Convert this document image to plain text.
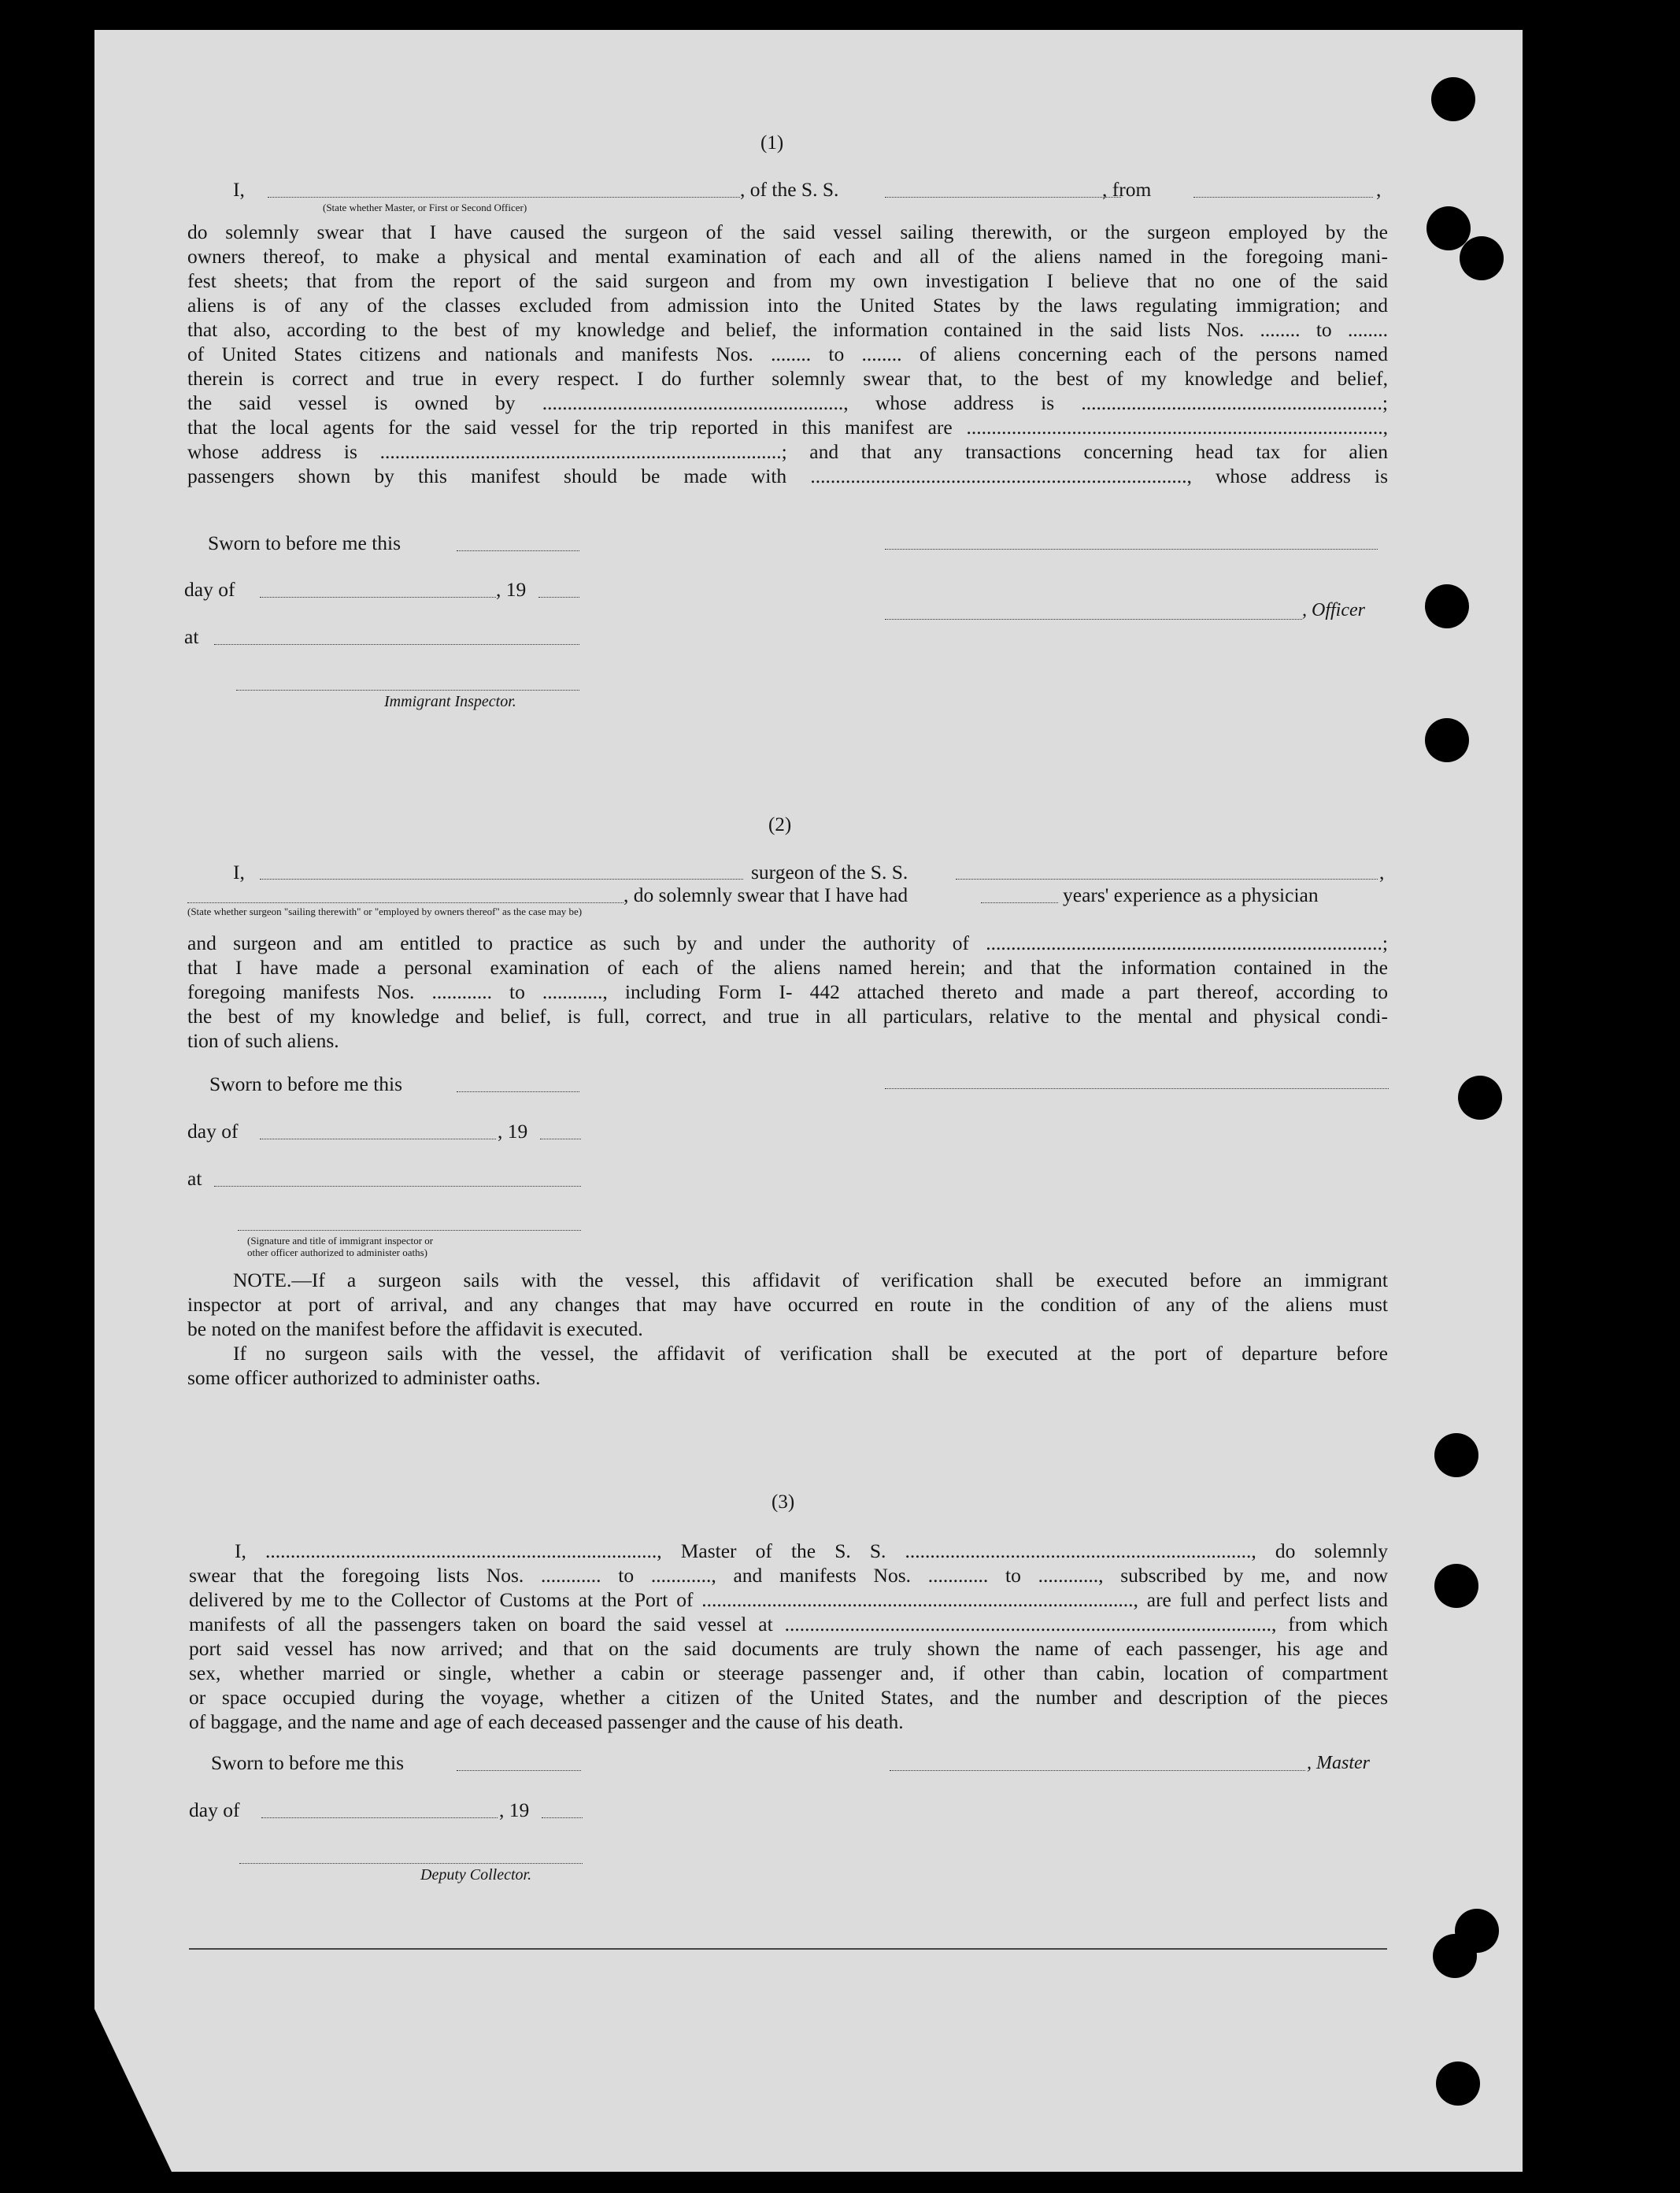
(1)
I,	, of the S. S.	, from	,
(State whether Master, or First or Second Officer)

do solemnly swear that I have caused the surgeon of the said vessel sailing therewith, or the surgeon employed by the

owners thereof, to make a physical and mental examination of each and all of the aliens named in the foregoing mani-

fest sheets; that from the report of the said surgeon and from my own investigation I believe that no one of the said

aliens is of any of the classes excluded from admission into the United States by the laws regulating immigration; and

that also, according to the best of my knowledge and belief, the information contained in the said lists Nos. ........ to ........

of United States citizens and nationals and manifests Nos. ........ to ........ of aliens concerning each of the persons named

therein is correct and true in every respect. I do further solemnly swear that, to the best of my knowledge and belief,

the said vessel is owned by ............................................................, whose address is ............................................................;

that the local agents for the said vessel for the trip reported in this manifest are ...................................................................................,

whose address is ................................................................................; and that any transactions concerning head tax for alien

passengers shown by this manifest should be made with ..........................................................................., whose address is

Sworn to before me this
day of	, 19
, Officer
at
Immigrant Inspector.
(2)
I,	surgeon of the S. S.	,
, do solemnly swear that I have had	years' experience as a physician
(State whether surgeon "sailing therewith" or "employed by owners thereof" as the case may be)

and surgeon and am entitled to practice as such by and under the authority of ...............................................................................;

that I have made a personal examination of each of the aliens named herein; and that the information contained in the

foregoing manifests Nos. ............ to ............, including Form I- 442 attached thereto and made a part thereof, according to

the best of my knowledge and belief, is full, correct, and true in all particulars, relative to the mental and physical condi-

tion of such aliens.

Sworn to before me this
day of	, 19
at
(Signature and title of immigrant inspector or
other officer authorized to administer oaths)

NOTE.—If a surgeon sails with the vessel, this affidavit of verification shall be executed before an immigrant

inspector at port of arrival, and any changes that may have occurred en route in the condition of any of the aliens must

be noted on the manifest before the affidavit is executed.

If no surgeon sails with the vessel, the affidavit of verification shall be executed at the port of departure before

some officer authorized to administer oaths.

(3)

I, .............................................................................., Master of the S. S. ....................................................................., do solemnly

swear that the foregoing lists Nos. ............ to ............, and manifests Nos. ............ to ............, subscribed by me, and now

delivered by me to the Collector of Customs at the Port of ......................................................................................, are full and perfect lists and

manifests of all the passengers taken on board the said vessel at ................................................................................................., from which

port said vessel has now arrived; and that on the said documents are truly shown the name of each passenger, his age and

sex, whether married or single, whether a cabin or steerage passenger and, if other than cabin, location of compartment

or space occupied during the voyage, whether a citizen of the United States, and the number and description of the pieces

of baggage, and the name and age of each deceased passenger and the cause of his death.

Sworn to before me this	, Master
day of	, 19
Deputy Collector.
